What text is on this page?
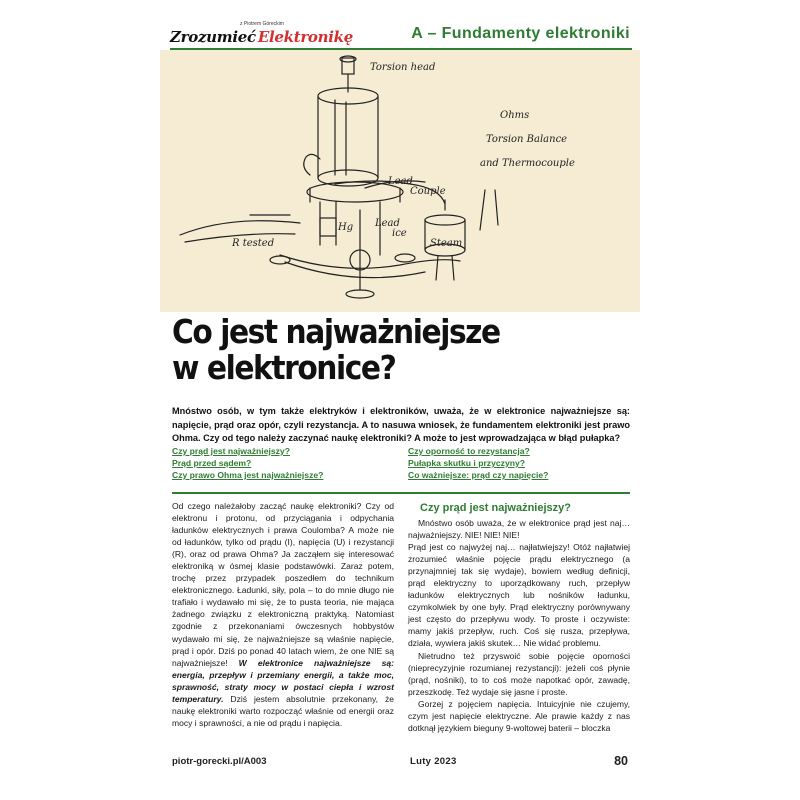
Zrozumieć Elektronikę
z Piotrem Góreckim
A – Fundamenty elektroniki
Torsion head
Ohms
Torsion Balance
and Thermocouple
Lead
Couple
Lead
ice
Steam
Hg
R tested
Co jest najważniejsze
w elektronice?
Mnóstwo osób, w tym także elektryków i elektroników, uważa, że w elektronice najważniejsze są: napięcie, prąd oraz opór, czyli rezystancja. A to nasuwa wniosek, że fundamentem elektroniki jest prawo Ohma. Czy od tego należy zaczynać naukę elektroniki? A może to jest wprowadzająca w błąd pułapka?
Czy prąd jest najważniejszy?
Prąd przed sądem?
Czy prawo Ohma jest najważniejsze?
Czy oporność to rezystancja?
Pułapka skutku i przyczyny?
Co ważniejsze: prąd czy napięcie?

Od czego należałoby zacząć naukę elektroniki? Czy od elektronu i protonu, od przyciągania i odpychania ładunków elektrycznych i prawa Coulomba? A może nie od ładunków, tylko od prądu (I), napięcia (U) i rezystancji (R), oraz od prawa Ohma? Ja zacząłem się interesować elektroniką w ósmej klasie podstawówki. Zaraz potem, trochę przez przypadek poszedłem do technikum elektronicznego. Ładunki, siły, pola – to do mnie długo nie trafiało i wydawało mi się, że to pusta teoria, nie mająca żadnego związku z elektroniczną praktyką. Natomiast zgodnie z przekonaniami ówczesnych hobbystów wydawało mi się, że najważniejsze są właśnie napięcie, prąd i opór. Dziś po ponad 40 latach wiem, że one NIE są najważniejsze! W elektronice najważniejsze są: energia, przepływ i przemiany energii, a także moc, sprawność, straty mocy w postaci ciepła i wzrost temperatury. Dziś jestem absolutnie przekonany, że naukę elektroniki warto rozpocząć właśnie od energii oraz mocy i sprawności, a nie od prądu i napięcia.

Czy prąd jest najważniejszy?

Mnóstwo osób uważa, że w elektronice prąd jest naj… najważniejszy. NIE! NIE! NIE!

Prąd jest co najwyżej naj… najłatwiejszy! Otóż najłatwiej zrozumieć właśnie pojęcie prądu elektrycznego (a przynajmniej tak się wydaje), bowiem według definicji, prąd elektryczny to uporządkowany ruch, przepływ ładunków elektrycznych lub nośników ładunku, czymkolwiek by one były. Prąd elektryczny porównywany jest często do przepływu wody. To proste i oczywiste: mamy jakiś przepływ, ruch. Coś się rusza, przepływa, działa, wywiera jakiś skutek… Nie widać problemu.

Nietrudno też przyswoić sobie pojęcie oporności (nieprecyzyjnie rozumianej rezystancji): jeżeli coś płynie (prąd, nośniki), to to coś może napotkać opór, zawadę, przeszkodę. Też wydaje się jasne i proste.

Gorzej z pojęciem napięcia. Intuicyjnie nie czujemy, czym jest napięcie elektryczne. Ale prawie każdy z nas dotknął językiem bieguny 9-woltowej baterii – bloczka

piotr-gorecki.pl/A003	Luty 2023	80
